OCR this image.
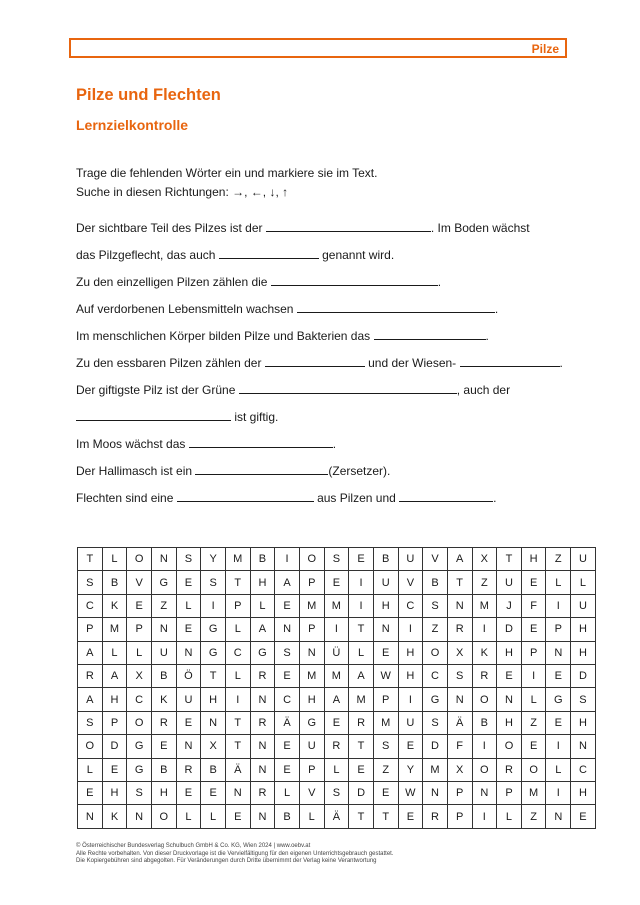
Pilze
Pilze und Flechten
Lernzielkontrolle
Trage die fehlenden Wörter ein und markiere sie im Text.
Suche in diesen Richtungen: →, ←, ↓, ↑
Der sichtbare Teil des Pilzes ist der	. Im Boden wächst
das Pilzgeflecht, das auch	genannt wird.
Zu den einzelligen Pilzen zählen die	.
Auf verdorbenen Lebensmitteln wachsen	.
Im menschlichen Körper bilden Pilze und Bakterien das	.
Zu den essbaren Pilzen zählen der	und der Wiesen-	.
Der giftigste Pilz ist der Grüne	, auch der
ist giftig.
Im Moos wächst das	.
Der Hallimasch ist ein	(Zersetzer).
Flechten sind eine	aus Pilzen und	.
T	L	O	N	S	Y	M	B	I	O	S	E	B	U	V	A	X	T	H	Z	U
S	B	V	G	E	S	T	H	A	P	E	I	U	V	B	T	Z	U	E	L	L
C	K	E	Z	L	I	P	L	E	M	M	I	H	C	S	N	M	J	F	I	U
P	M	P	N	E	G	L	A	N	P	I	T	N	I	Z	R	I	D	E	P	H
A	L	L	U	N	G	C	G	S	N	Ü	L	E	H	O	X	K	H	P	N	H
R	A	X	B	Ö	T	L	R	E	M	M	A	W	H	C	S	R	E	I	E	D
A	H	C	K	U	H	I	N	C	H	A	M	P	I	G	N	O	N	L	G	S
S	P	O	R	E	N	T	R	Ä	G	E	R	M	U	S	Ä	B	H	Z	E	H
O	D	G	E	N	X	T	N	E	U	R	T	S	E	D	F	I	O	E	I	N
L	E	G	B	R	B	Ä	N	E	P	L	E	Z	Y	M	X	O	R	O	L	C
E	H	S	H	E	E	N	R	L	V	S	D	E	W	N	P	N	P	M	I	H
N	K	N	O	L	L	E	N	B	L	Ä	T	T	E	R	P	I	L	Z	N	E
© Österreichischer Bundesverlag Schulbuch GmbH & Co. KG, Wien 2024 | www.oebv.at
Alle Rechte vorbehalten. Von dieser Druckvorlage ist die Vervielfältigung für den eigenen Unterrichtsgebrauch gestattet.
Die Kopiergebühren sind abgegolten. Für Veränderungen durch Dritte übernimmt der Verlag keine Verantwortung
